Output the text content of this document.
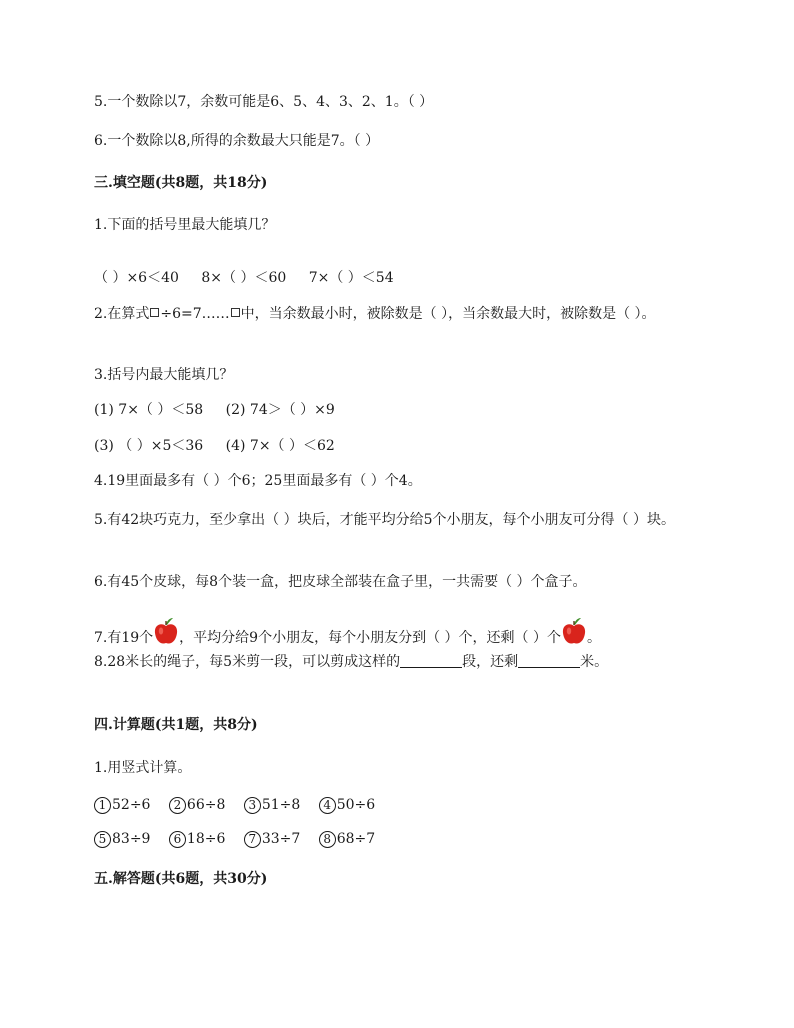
5.一个数除以7，余数可能是6、5、4、3、2、1。（ ）
6.一个数除以8,所得的余数最大只能是7。（ ）
三.填空题(共8题，共18分)
1.下面的括号里最大能填几？
（ ）×6＜40 8×（ ）＜60 7×（ ）＜54
2.在算式 ÷6=7…… 中，当余数最小时，被除数是（ ），当余数最大时，被除数是（ ）。
3.括号内最大能填几？
(1) 7×（ ）＜58 (2) 74＞（ ）×9
(3) （ ）×5＜36 (4) 7×（ ）＜62
4.19里面最多有（ ）个6；25里面最多有（ ）个4。
5.有42块巧克力，至少拿出（ ）块后，才能平均分给5个小朋友，每个小朋友可分得（ ）块。
6.有45个皮球，每8个装一盒，把皮球全部装在盒子里，一共需要（ ）个盒子。
7.有19个 ，平均分给9个小朋友，每个小朋友分到（ ）个，还剩（ ）个 。
8.28米长的绳子，每5米剪一段，可以剪成这样的	段，还剩	米。
四.计算题(共1题，共8分)
1.用竖式计算。
1 52÷6 2 66÷8 3 51÷8 4 50÷6
5 83÷9 6 18÷6 7 33÷7 8 68÷7
五.解答题(共6题，共30分)
